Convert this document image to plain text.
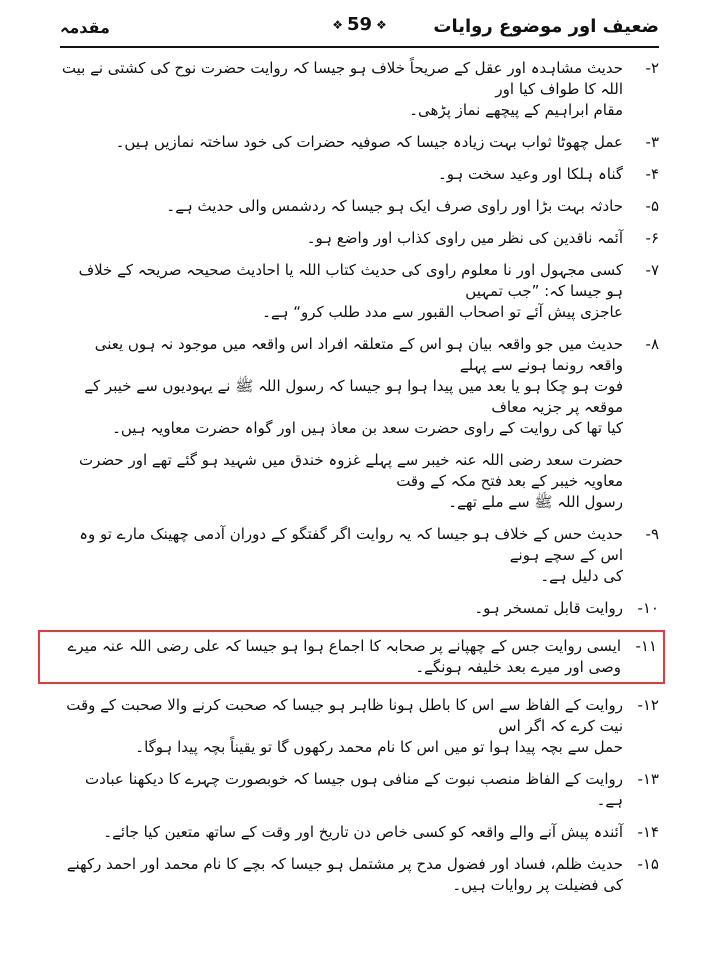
ضعیف اور موضوع روایات
❖ 59 ❖
مقدمہ
۲-
حدیث مشاہدہ اور عقل کے صریحاً خلاف ہو جیسا کہ روایت حضرت نوح کی کشتی نے بیت اللہ کا طواف کیا اور
مقام ابراہیم کے پیچھے نماز پڑھی۔
۳-
عمل چھوٹا ثواب بہت زیادہ جیسا کہ صوفیہ حضرات کی خود ساختہ نمازیں ہیں۔
۴-
گناہ ہلکا اور وعید سخت ہو۔
۵-
حادثہ بہت بڑا اور راوی صرف ایک ہو جیسا کہ ردشمس والی حدیث ہے۔
۶-
آئمہ ناقدین کی نظر میں راوی کذاب اور واضع ہو۔
۷-
کسی مجہول اور نا معلوم راوی کی حدیث کتاب اللہ یا احادیث صحیحہ صریحہ کے خلاف ہو جیسا کہ: ”جب تمہیں
عاجزی پیش آئے تو اصحاب القبور سے مدد طلب کرو“ ہے۔
۸-
حدیث میں جو واقعہ بیان ہو اس کے متعلقہ افراد اس واقعہ میں موجود نہ ہوں یعنی واقعہ رونما ہونے سے پہلے
فوت ہو چکا ہو یا بعد میں پیدا ہوا ہو جیسا کہ رسول اللہ ﷺ نے یہودیوں سے خیبر کے موقعہ پر جزیہ معاف
کیا تھا کی روایت کے راوی حضرت سعد بن معاذ ہیں اور گواہ حضرت معاویہ ہیں۔
حضرت سعد رضی اللہ عنہ خیبر سے پہلے غزوہ خندق میں شہید ہو گئے تھے اور حضرت معاویہ خیبر کے بعد فتح مکہ کے وقت
رسول اللہ ﷺ سے ملے تھے۔
۹-
حدیث حس کے خلاف ہو جیسا کہ یہ روایت اگر گفتگو کے دوران آدمی چھینک مارے تو وہ اس کے سچے ہونے
کی دلیل ہے۔
۱۰-
روایت قابل تمسخر ہو۔
۱۱-
ایسی روایت جس کے چھپانے پر صحابہ کا اجماع ہوا ہو جیسا کہ علی رضی اللہ عنہ میرے وصی اور میرے بعد خلیفہ ہونگے۔
۱۲-
روایت کے الفاظ سے اس کا باطل ہونا ظاہر ہو جیسا کہ صحبت کرنے والا صحبت کے وقت نیت کرے کہ اگر اس
حمل سے بچہ پیدا ہوا تو میں اس کا نام محمد رکھوں گا تو یقیناً بچہ پیدا ہوگا۔
۱۳-
روایت کے الفاظ منصب نبوت کے منافی ہوں جیسا کہ خوبصورت چہرے کا دیکھنا عبادت ہے۔
۱۴-
آئندہ پیش آنے والے واقعہ کو کسی خاص دن تاریخ اور وقت کے ساتھ متعین کیا جائے۔
۱۵-
حدیث ظلم، فساد اور فضول مدح پر مشتمل ہو جیسا کہ بچے کا نام محمد اور احمد رکھنے کی فضیلت پر روایات ہیں۔
